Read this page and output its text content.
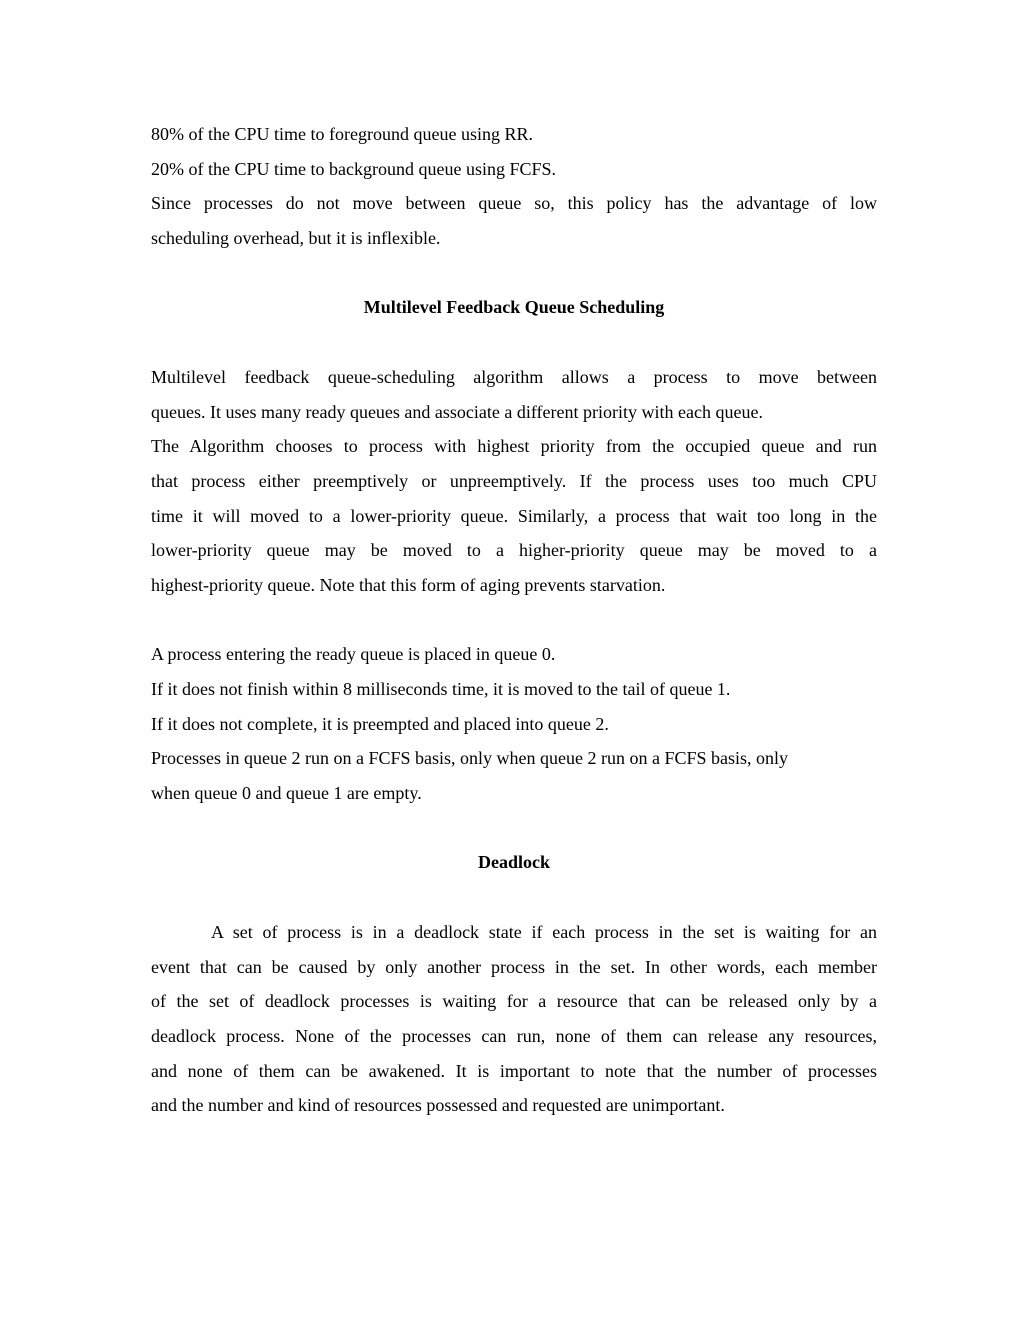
80% of the CPU time to foreground queue using RR.
20% of the CPU time to background queue using FCFS.
Since processes do not move between queue so, this policy has the advantage of low
scheduling overhead, but it is inflexible.
Multilevel Feedback Queue Scheduling
Multilevel feedback queue-scheduling algorithm allows a process to move between
queues. It uses many ready queues and associate a different priority with each queue.
The Algorithm chooses to process with highest priority from the occupied queue and run
that process either preemptively or unpreemptively. If the process uses too much CPU
time it will moved to a lower-priority queue. Similarly, a process that wait too long in the
lower-priority queue may be moved to a higher-priority queue may be moved to a
highest-priority queue. Note that this form of aging prevents starvation.
A process entering the ready queue is placed in queue 0.
If it does not finish within 8 milliseconds time, it is moved to the tail of queue 1.
If it does not complete, it is preempted and placed into queue 2.
Processes in queue 2 run on a FCFS basis, only when queue 2 run on a FCFS basis, only
when queue 0 and queue 1 are empty.
Deadlock
A set of process is in a deadlock state if each process in the set is waiting for an
event that can be caused by only another process in the set. In other words, each member
of the set of deadlock processes is waiting for a resource that can be released only by a
deadlock process. None of the processes can run, none of them can release any resources,
and none of them can be awakened. It is important to note that the number of processes
and the number and kind of resources possessed and requested are unimportant.
